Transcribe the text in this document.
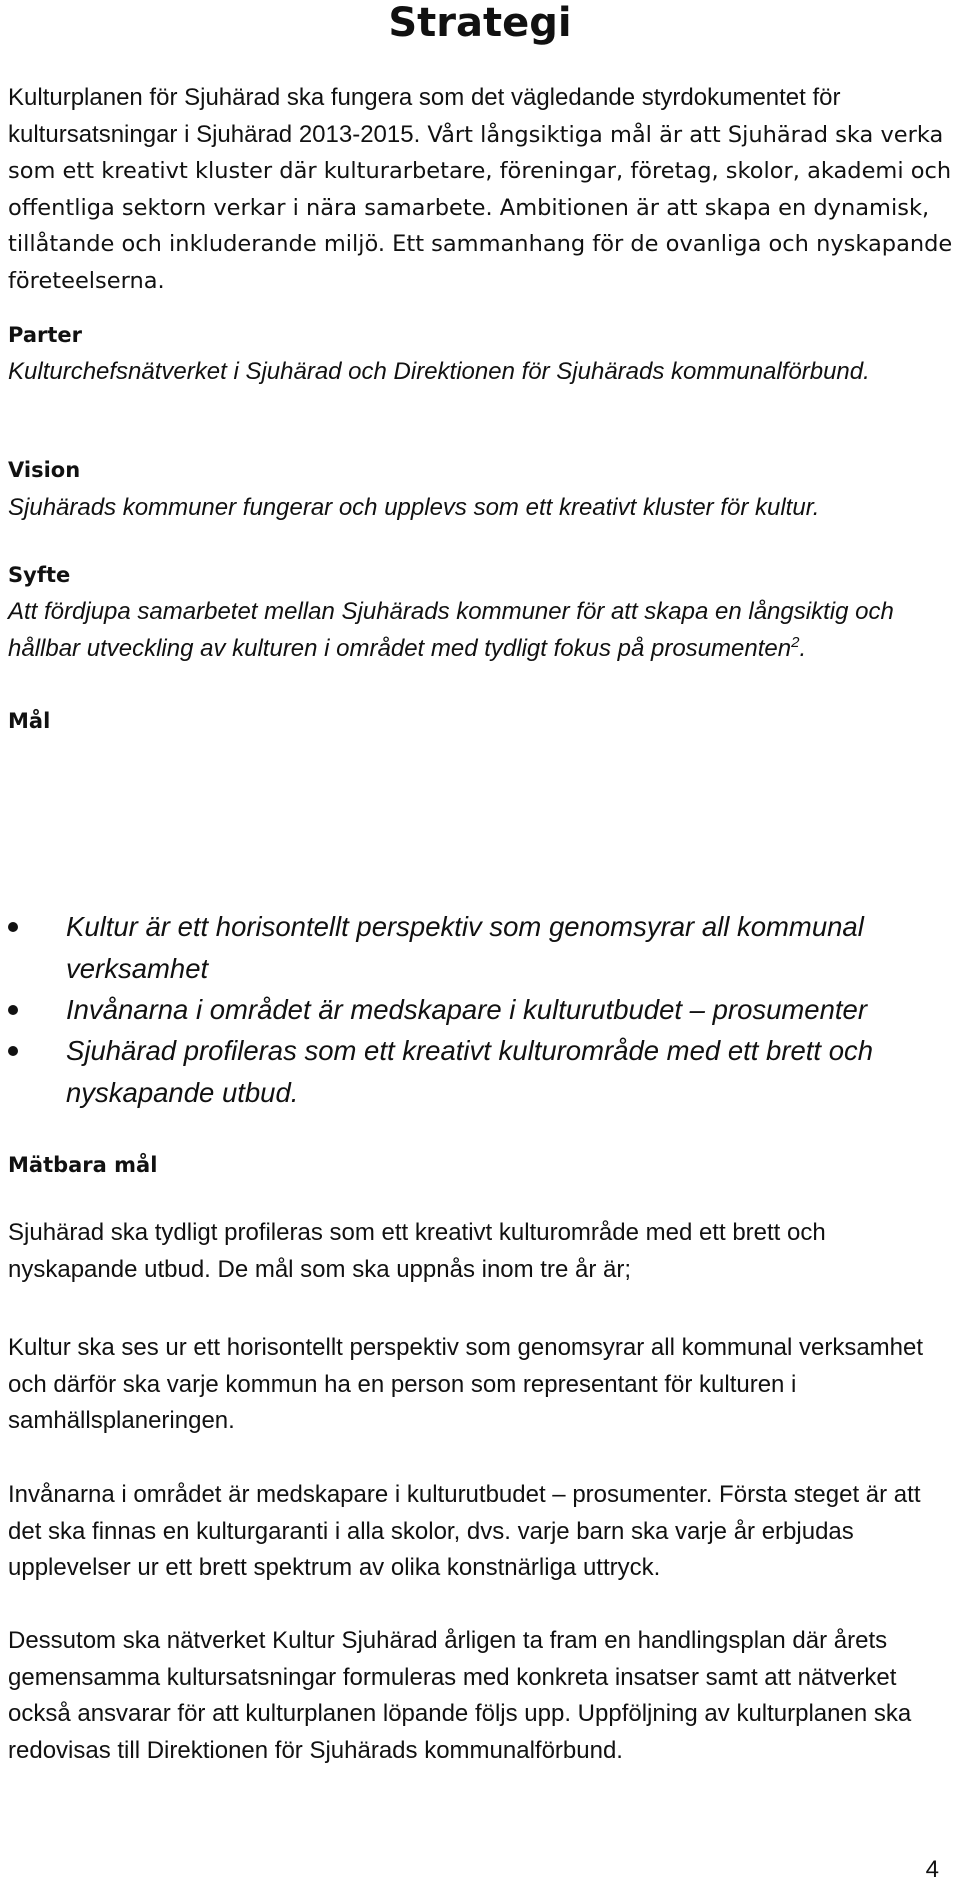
Strategi

Kulturplanen för Sjuhärad ska fungera som det vägledande styrdokumentet för kultursatsningar i Sjuhärad 2013-2015. Vårt långsiktiga mål är att Sjuhärad ska verka som ett kreativt kluster där kulturarbetare, föreningar, företag, skolor, akademi och offentliga sektorn verkar i nära samarbete. Ambitionen är att skapa en dynamisk, tillåtande och inkluderande miljö. Ett sammanhang för de ovanliga och nyskapande företeelserna.

Parter

Kulturchefsnätverket i Sjuhärad och Direktionen för Sjuhärads kommunalförbund.

Vision

Sjuhärads kommuner fungerar och upplevs som ett kreativt kluster för kultur.

Syfte

Att fördjupa samarbetet mellan Sjuhärads kommuner för att skapa en långsiktig och hållbar utveckling av kulturen i området med tydligt fokus på prosumenten$^2$.

Mål
Kultur är ett horisontellt perspektiv som genomsyrar all kommunal verksamhet
Invånarna i området är medskapare i kulturutbudet – prosumenter
Sjuhärad profileras som ett kreativt kulturområde med ett brett och nyskapande utbud.
Mätbara mål

Sjuhärad ska tydligt profileras som ett kreativt kulturområde med ett brett och nyskapande utbud. De mål som ska uppnås inom tre år är;

Kultur ska ses ur ett horisontellt perspektiv som genomsyrar all kommunal verksamhet och därför ska varje kommun ha en person som representant för kulturen i samhällsplaneringen.

Invånarna i området är medskapare i kulturutbudet – prosumenter. Första steget är att det ska finnas en kulturgaranti i alla skolor, dvs. varje barn ska varje år erbjudas upplevelser ur ett brett spektrum av olika konstnärliga uttryck.

Dessutom ska nätverket Kultur Sjuhärad årligen ta fram en handlingsplan där årets gemensamma kultursatsningar formuleras med konkreta insatser samt att nätverket också ansvarar för att kulturplanen löpande följs upp. Uppföljning av kulturplanen ska redovisas till Direktionen för Sjuhärads kommunalförbund.

4
